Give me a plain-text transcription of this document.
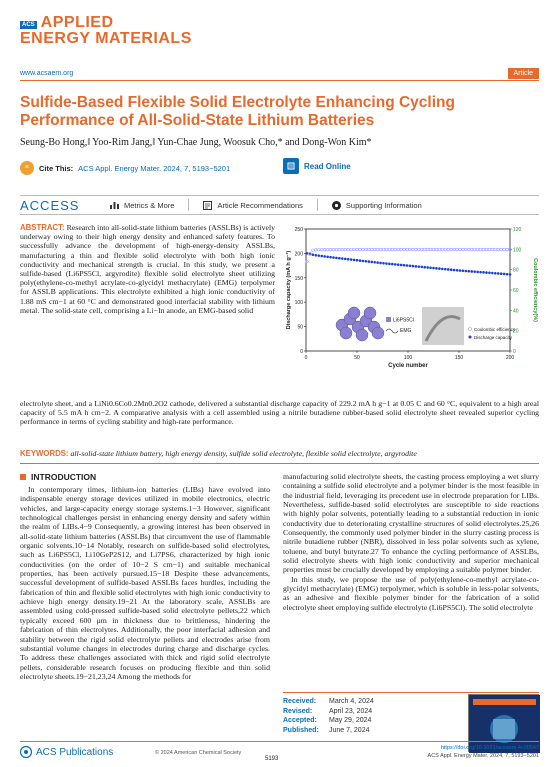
ACS APPLIED
ENERGY MATERIALS
www.acsaem.org	Article
Sulfide-Based Flexible Solid Electrolyte Enhancing Cycling Performance of All-Solid-State Lithium Batteries
Seung-Bo Hong,‖ Yoo-Rim Jang,‖ Yun-Chae Jung, Woosuk Cho,* and Dong-Won Kim*
“	Cite This: ACS Appl. Energy Mater. 2024, 7, 5193−5201	Read Online
ACCESS	Metrics & More	Article Recommendations	Supporting Information
ABSTRACT: Research into all-solid-state lithium batteries (ASSLBs) is actively underway owing to their high energy density and enhanced safety features. To successfully advance the development of high-energy-density ASSLBs, manufacturing a thin and flexible solid electrolyte with both high ionic conductivity and mechanical strength is crucial. In this study, we present a sulfide-based (Li6PS5Cl, argyrodite) flexible solid electrolyte sheet utilizing poly(ethylene-co-methyl acrylate-co-glycidyl methacrylate) (EMG) terpolymer for ASSLB applications. This electrolyte exhibited a high ionic conductivity of 1.88 mS cm−1 at 60 °C and demonstrated good interfacial stability with lithium metal. The solid-state cell, comprising a Li−In anode, an EMG-based solid
0
50
100
150
200
250
0
20
40
60
80
100
120
0	50	100	150	200
Cycle number
Discharge capacity (mA h g⁻¹)	Coulombic efficiency(%)
Li6PS5Cl
EMG	Coulombic efficiency
Discharge capacity
electrolyte sheet, and a LiNi0.6Co0.2Mn0.2O2 cathode, delivered a substantial discharge capacity of 229.2 mA h g−1 at 0.05 C and 60 °C, equivalent to a high areal capacity of 5.5 mA h cm−2. A comparative analysis with a cell assembled using a nitrile butadiene rubber-based solid electrolyte sheet revealed superior cycling performance in terms of cycling stability and high-rate performance.
KEYWORDS: all-solid-state lithium battery, high energy density, sulfide solid electrolyte, flexible solid electrolyte, argyrodite
INTRODUCTION
In contemporary times, lithium-ion batteries (LIBs) have evolved into indispensable energy storage devices utilized in mobile electronics, electric vehicles, and large-capacity energy storage systems.1−3 However, significant technological challenges persist in enhancing energy density and safety within the realm of LIBs.4−9 Consequently, a growing interest has been observed in all-solid-state lithium batteries (ASSLBs) that circumvent the use of flammable organic solvents.10−14 Notably, research on sulfide-based solid electrolytes, such as Li6PS5Cl, Li10GeP2S12, and Li7PS6, characterized by high ionic conductivities (on the order of 10−2 S cm−1) and suitable mechanical properties, has been actively pursued.15−18 Despite these advancements, successful development of sulfide-based ASSLBs faces hurdles, including the fabrication of thin and flexible solid electrolytes with high ionic conductivity to achieve high energy density.19−21 At the laboratory scale, ASSLBs are assembled using cold-pressed sulfide-based solid electrolyte pellets,22 which typically exceed 600 μm in thickness due to brittleness, hindering the fabrication of thin electrolytes. Additionally, the poor interfacial adhesion and stability between the rigid solid electrolyte pellets and electrodes arise from substantial volume changes in electrodes during charge and discharge cycles. To address these challenges associated with thick and rigid solid electrolyte pellets, considerable research focuses on producing flexible and thin solid electrolyte sheets.19−21,23,24 Among the methods for

manufacturing solid electrolyte sheets, the casting process employing a wet slurry containing a sulfide solid electrolyte and a polymer binder is the most feasible in the industrial field, leveraging its precedent use in electrode preparation for LIBs. Nevertheless, sulfide-based solid electrolytes are susceptible to side reactions with highly polar solvents, potentially leading to a substantial reduction in ionic conductivity due to deteriorating crystalline structures of solid electrolytes.25,26 Consequently, the commonly used polymer binder in the slurry casting process is nitrile butadiene rubber (NBR), dissolved in less polar solvents such as xylene, toluene, and butyl butyrate.27 To enhance the cycling performance of ASSLBs, solid electrolyte sheets with high ionic conductivity and superior mechanical properties must be crucially developed by employing a suitable polymer binder.

In this study, we propose the use of poly(ethylene-co-methyl acrylate-co-glycidyl methacrylate) (EMG) terpolymer, which is soluble in less-polar solvents, as an adhesive and flexible polymer binder for the fabrication of a solid electrolyte sheet employing sulfide electrolyte (Li6PS5Cl). The solid electrolyte

Received:	March 4, 2024
Revised:	April 23, 2024
Accepted:	May 29, 2024
Published:	June 7, 2024
ACS Publications	© 2024 American Chemical Society
5193
https://doi.org/10.1021/acsaem.4c00547
ACS Appl. Energy Mater. 2024, 7, 5193−5201
